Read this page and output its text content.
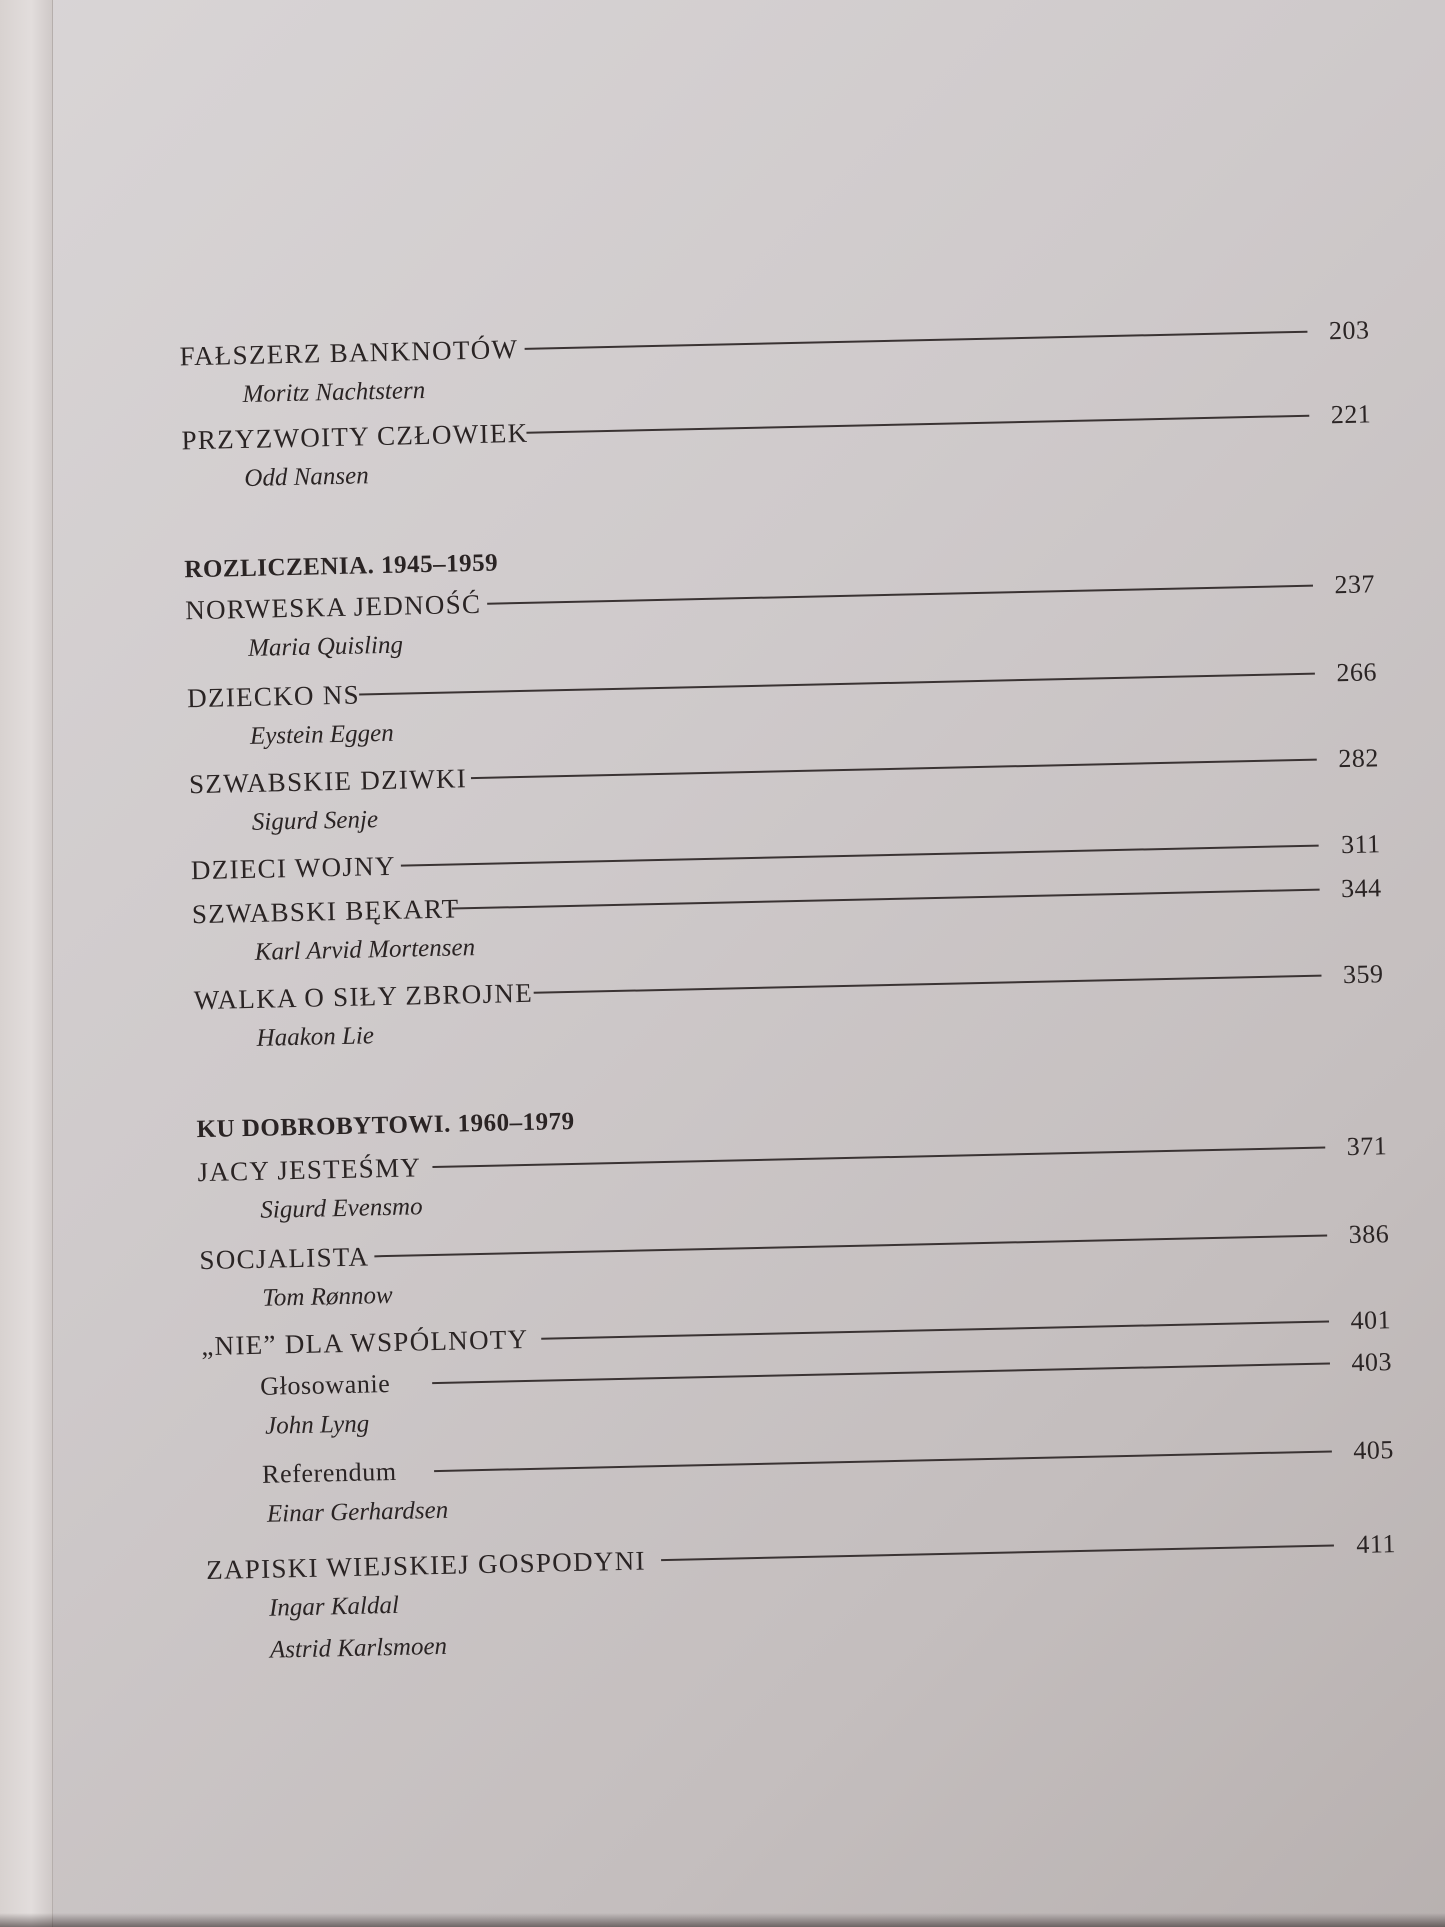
FAŁSZERZ BANKNOTÓW
203
Moritz Nachtstern
PRZYZWOITY CZŁOWIEK
221
Odd Nansen
ROZLICZENIA. 1945–1959
NORWESKA JEDNOŚĆ
237
Maria Quisling
DZIECKO NS
266
Eystein Eggen
SZWABSKIE DZIWKI
282
Sigurd Senje
DZIECI WOJNY
311
SZWABSKI BĘKART
344
Karl Arvid Mortensen
WALKA O SIŁY ZBROJNE
359
Haakon Lie
KU DOBROBYTOWI. 1960–1979
JACY JESTEŚMY
371
Sigurd Evensmo
SOCJALISTA
386
Tom Rønnow
„NIE” DLA WSPÓLNOTY
401
Głosowanie
403
John Lyng
Referendum
405
Einar Gerhardsen
ZAPISKI WIEJSKIEJ GOSPODYNI
411
Ingar Kaldal
Astrid Karlsmoen
